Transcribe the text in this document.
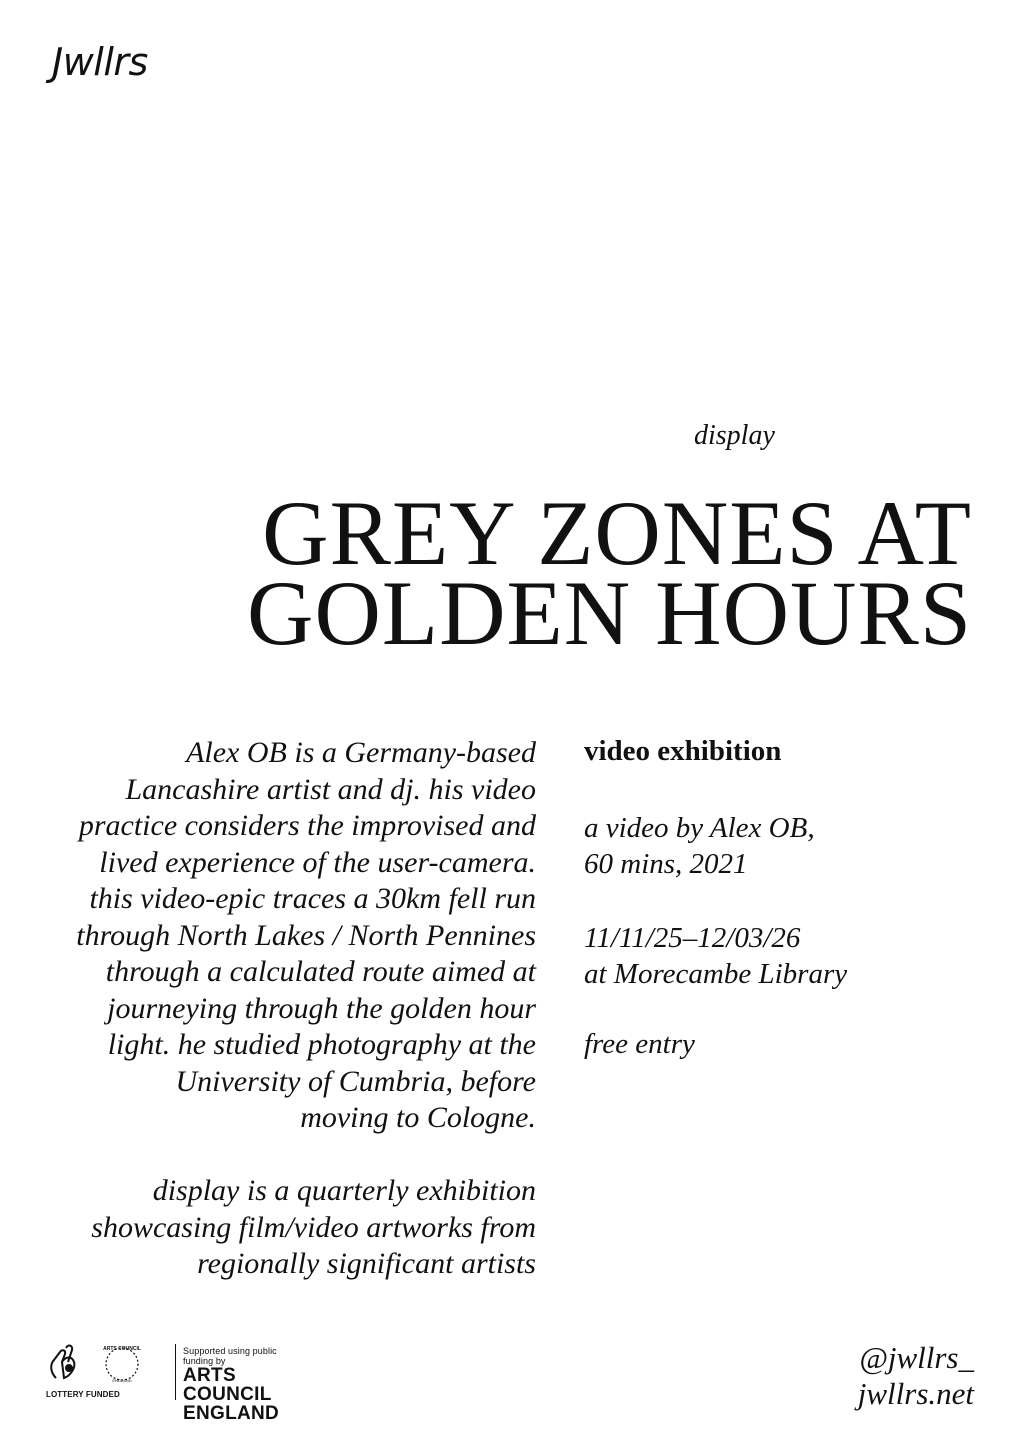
Jwllrs
display
GREY ZONES AT
GOLDEN HOURS
Alex OB is a Germany-based
Lancashire artist and dj. his video
practice considers the improvised and
lived experience of the user-camera.
this video-epic traces a 30km fell run
through North Lakes / North Pennines
through a calculated route aimed at
journeying through the golden hour
light. he studied photography at the
University of Cumbria, before
moving to Cologne.
display is a quarterly exhibition
showcasing film/video artworks from
regionally significant artists
video exhibition
a video by Alex OB,
60 mins, 2021
11/11/25–12/03/26
at Morecambe Library
free entry
@jwllrs_
jwllrs.net
ARTS COUNCIL
ENGLAND
LOTTERY FUNDED
Supported using public funding by
ARTS COUNCIL
ENGLAND
